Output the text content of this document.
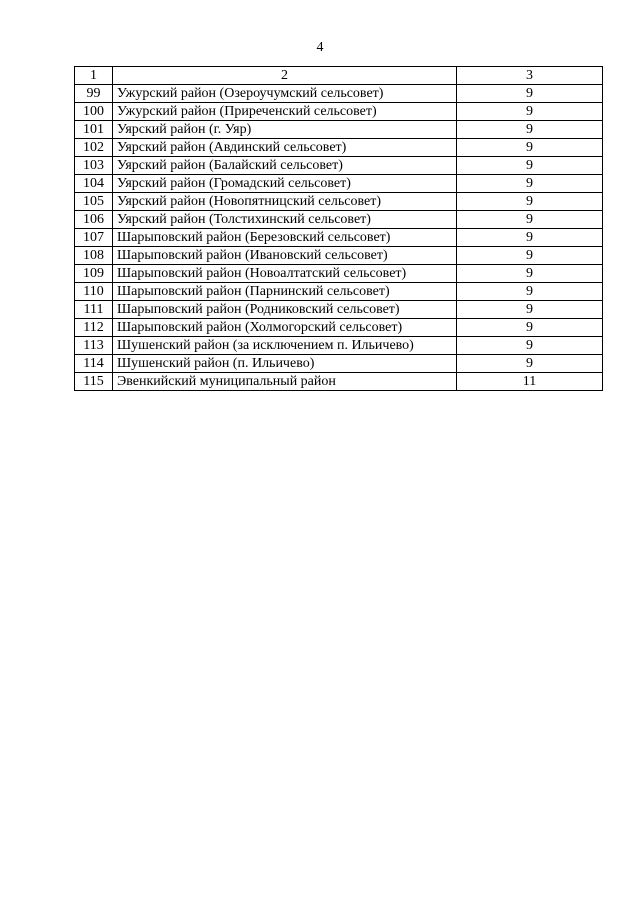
4
1	2	3
99	Ужурский район (Озероучумский сельсовет)	9
100	Ужурский район (Приреченский сельсовет)	9
101	Уярский район (г. Уяр)	9
102	Уярский район (Авдинский сельсовет)	9
103	Уярский район (Балайский сельсовет)	9
104	Уярский район (Громадский сельсовет)	9
105	Уярский район (Новопятницский сельсовет)	9
106	Уярский район (Толстихинский сельсовет)	9
107	Шарыповский район (Березовский сельсовет)	9
108	Шарыповский район (Ивановский сельсовет)	9
109	Шарыповский район (Новоалтатский сельсовет)	9
110	Шарыповский район (Парнинский сельсовет)	9
111	Шарыповский район (Родниковский сельсовет)	9
112	Шарыповский район (Холмогорский сельсовет)	9
113	Шушенский район (за исключением п. Ильичево)	9
114	Шушенский район (п. Ильичево)	9
115	Эвенкийский муниципальный район	11
